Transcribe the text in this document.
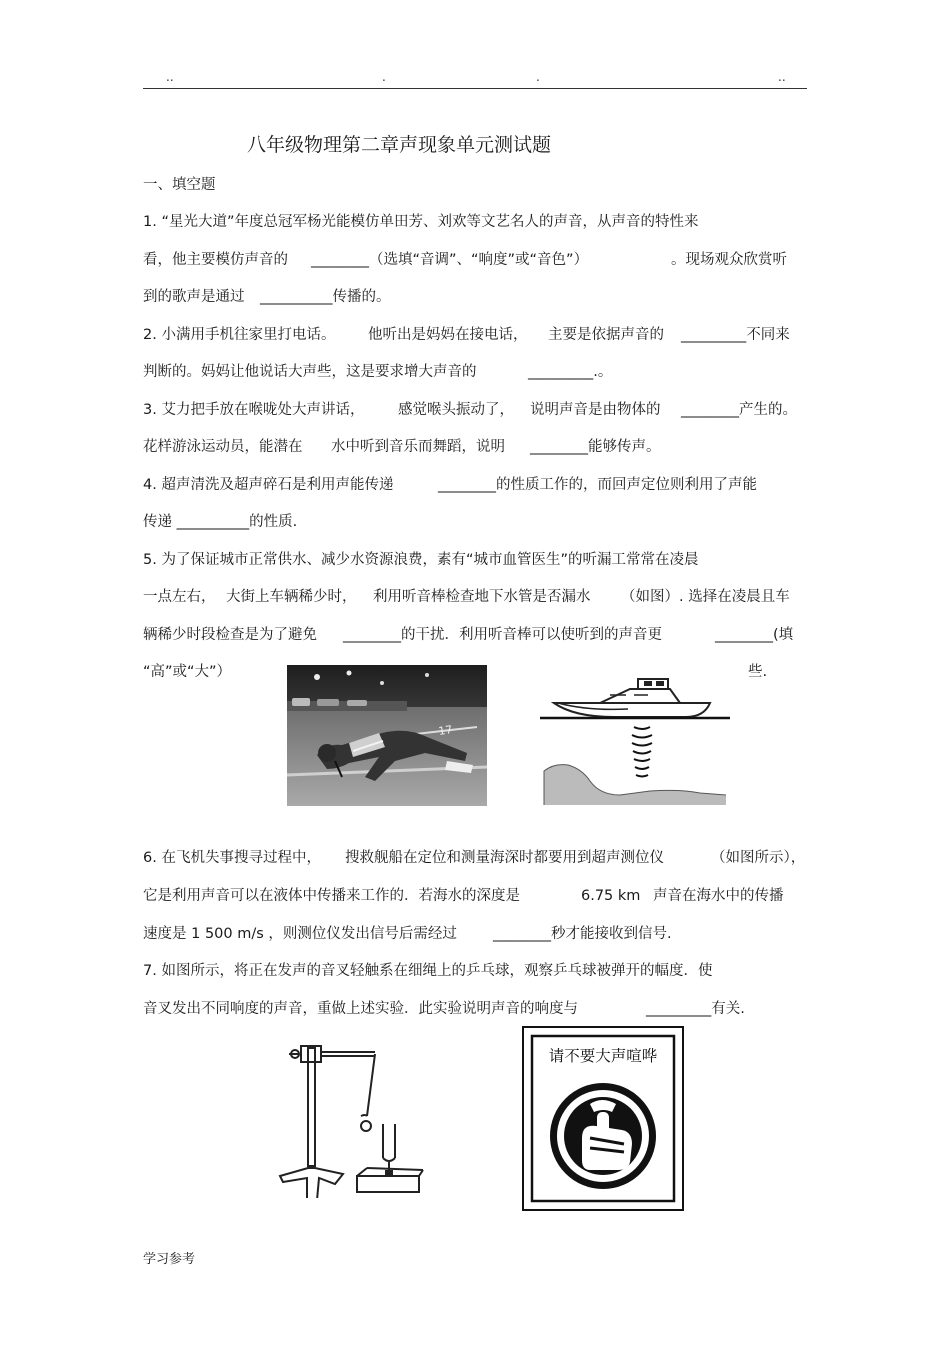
..	.	.	..
八年级物理第二章声现象单元测试题
一、填空题
1. “星光大道”年度总冠军杨光能模仿单田芳、刘欢等文艺名人的声音，从声音的特性来
看，他主要模仿声音的 ________（选填“音调”、“响度”或“音色”）	。现场观众欣赏听
到的歌声是通过 __________传播的。
2. 小满用手机往家里打电话。 他听出是妈妈在接电话， 主要是依据声音的 _________不同来
判断的。妈妈让他说话大声些，这是要求增大声音的	_________.。
3. 艾力把手放在喉咙处大声讲话， 感觉喉头振动了， 说明声音是由物体的 ________产生的。
花样游泳运动员，能潜在 水中听到音乐而舞蹈，说明 ________能够传声。
4. 超声清洗及超声碎石是利用声能传递	________的性质工作的，而回声定位则利用了声能
传递 __________的性质.
5. 为了保证城市正常供水、减少水资源浪费，素有“城市血管医生”的听漏工常常在凌晨
一点左右， 大街上车辆稀少时， 利用听音棒检查地下水管是否漏水 （如图）. 选择在凌晨且车
辆稀少时段检查是为了避免 ________的干扰．利用听音棒可以使听到的声音更	________(填
“高”或“大”）	些.
17
6. 在飞机失事搜寻过程中， 搜救舰船在定位和测量海深时都要用到超声测位仪	（如图所示），
它是利用声音可以在液体中传播来工作的．若海水的深度是	6.75 km 声音在海水中的传播
速度是 1 500 m/s ，则测位仪发出信号后需经过 ________秒才能接收到信号.
7. 如图所示，将正在发声的音叉轻触系在细绳上的乒乓球，观察乒乓球被弹开的幅度．使
音叉发出不同响度的声音，重做上述实验．此实验说明声音的响度与	_________有关.
请不要大声喧哗
学习参考
